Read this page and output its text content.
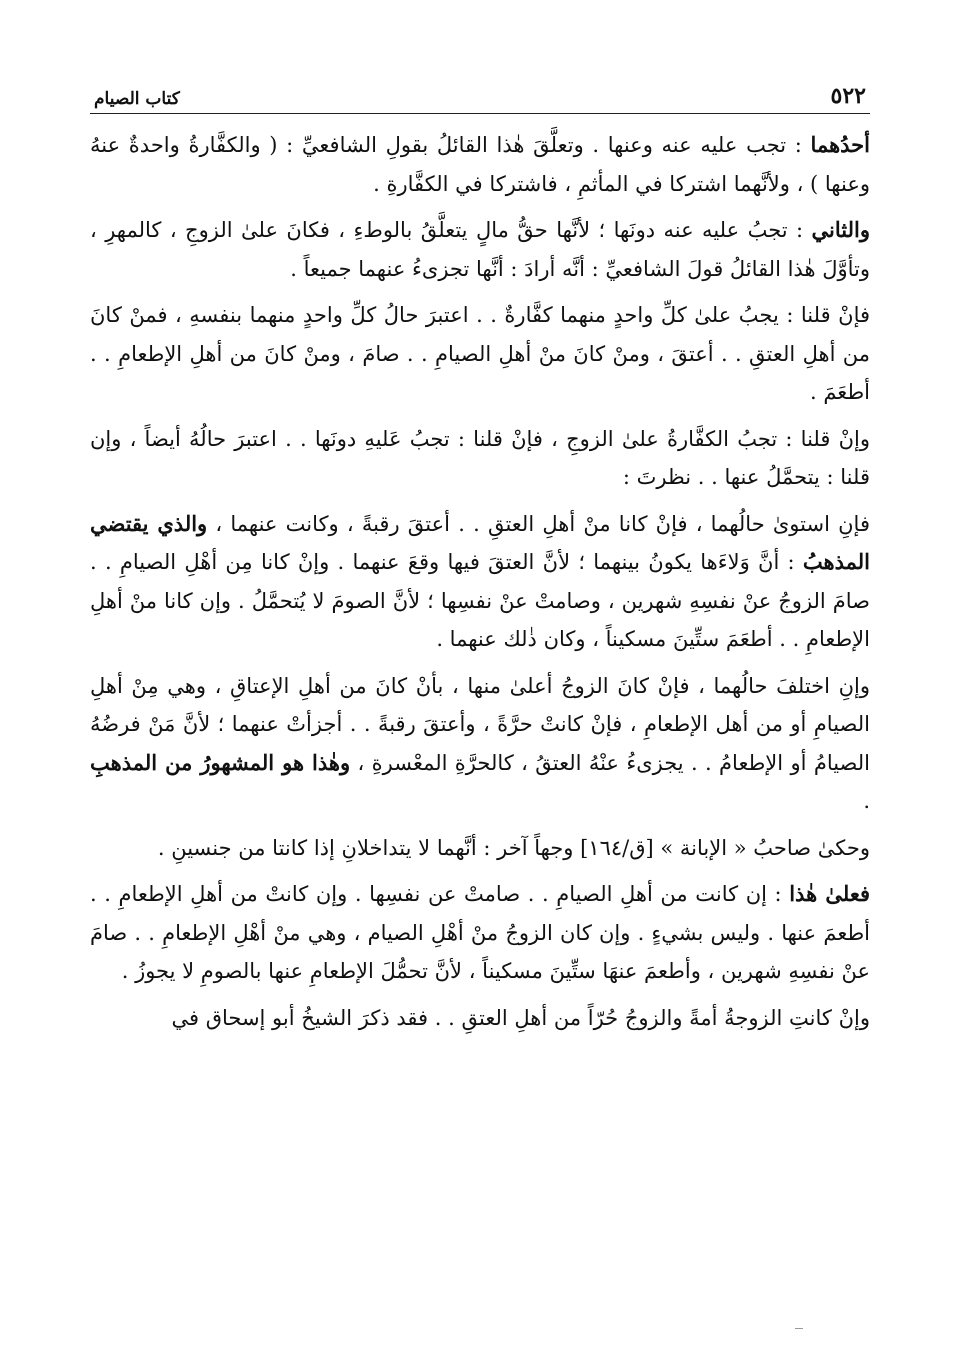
٥٢٢
كتاب الصيام

أحدُهما : تجب عليه عنه وعنها . وتعلَّقَ هٰذا القائلُ بقولِ الشافعيِّ : ( والكفَّارةُ واحدةٌ عنهُ وعنها ) ، ولأنَّهما اشتركا في المأثمِ ، فاشتركا في الكفَّارةِ .

والثاني : تجبُ عليه عنه دونَها ؛ لأنَّها حقُّ مالٍ يتعلَّقُ بالوطءِ ، فكانَ علىٰ الزوجِ ، كالمهرِ ، وتأوَّلَ هٰذا القائلُ قولَ الشافعيِّ : أنَّه أرادَ : أنَّها تجزىءُ عنهما جميعاً .

فإنْ قلنا : يجبُ علىٰ كلِّ واحدٍ منهما كفَّارةٌ . . اعتبرَ حالُ كلِّ واحدٍ منهما بنفسهِ ، فمنْ كانَ من أهلِ العتقِ . . أعتقَ ، ومنْ كانَ منْ أهلِ الصيامِ . . صامَ ، ومنْ كانَ من أهلِ الإطعامِ . . أطعَمَ .

وإنْ قلنا : تجبُ الكفَّارةُ علىٰ الزوجِ ، فإنْ قلنا : تجبُ عَليهِ دونَها . . اعتبرَ حالُهُ أيضاً ، وإن قلنا : يتحمَّلُ عنها . . نظرتَ :

فإنِ استوىٰ حالُهما ، فإنْ كانا منْ أهلِ العتقِ . . أعتقَ رقبةً ، وكانت عنهما ، والذي يقتضي المذهبُ : أنَّ وَلاءَها يكونُ بينهما ؛ لأنَّ العتقَ فيها وقعَ عنهما . وإنْ كانا مِن أهْلِ الصيامِ . . صامَ الزوجُ عنْ نفسِهِ شهرين ، وصامتْ عنْ نفسِها ؛ لأنَّ الصومَ لا يُتحمَّلُ . وإن كانا منْ أهلِ الإطعامِ . . أطعَمَ ستِّينَ مسكيناً ، وكان ذٰلك عنهما .

وإنِ اختلفَ حالُهما ، فإنْ كانَ الزوجُ أعلىٰ منها ، بأنْ كانَ من أهلِ الإعتاقِ ، وهي مِنْ أهلِ الصيامِ أو من أهل الإطعامِ ، فإنْ كانتْ حرَّةً ، وأعتقَ رقبةً . . أجزأتْ عنهما ؛ لأنَّ مَنْ فرضُهُ الصيامُ أو الإطعامُ . . يجزىءُ عنْهُ العتقُ ، كالحرَّةِ المعْسرةِ ، وهٰذا هو المشهورُ من المذهبِ .

وحكىٰ صاحبُ « الإبانة » [ق/١٦٤] وجهاً آخر : أنَّهما لا يتداخلانِ إذا كانتا من جنسينِ .

فعلىٰ هٰذا : إن كانت من أهلِ الصيامِ . . صامتْ عن نفسِها . وإن كانتْ من أهلِ الإطعامِ . . أطعمَ عنها . وليس بشيءٍ . وإن كان الزوجُ منْ أهْلِ الصيام ، وهي منْ أهْلِ الإطعامِ . . صامَ عنْ نفسِهِ شهرين ، وأطعمَ عنهَا ستِّينَ مسكيناً ، لأنَّ تحمُّلَ الإطعامِ عنها بالصومِ لا يجوزُ .

وإنْ كانتِ الزوجةُ أمةً والزوجُ حُرّاً من أهلِ العتقِ . . فقد ذكرَ الشيخُ أبو إسحاق في
